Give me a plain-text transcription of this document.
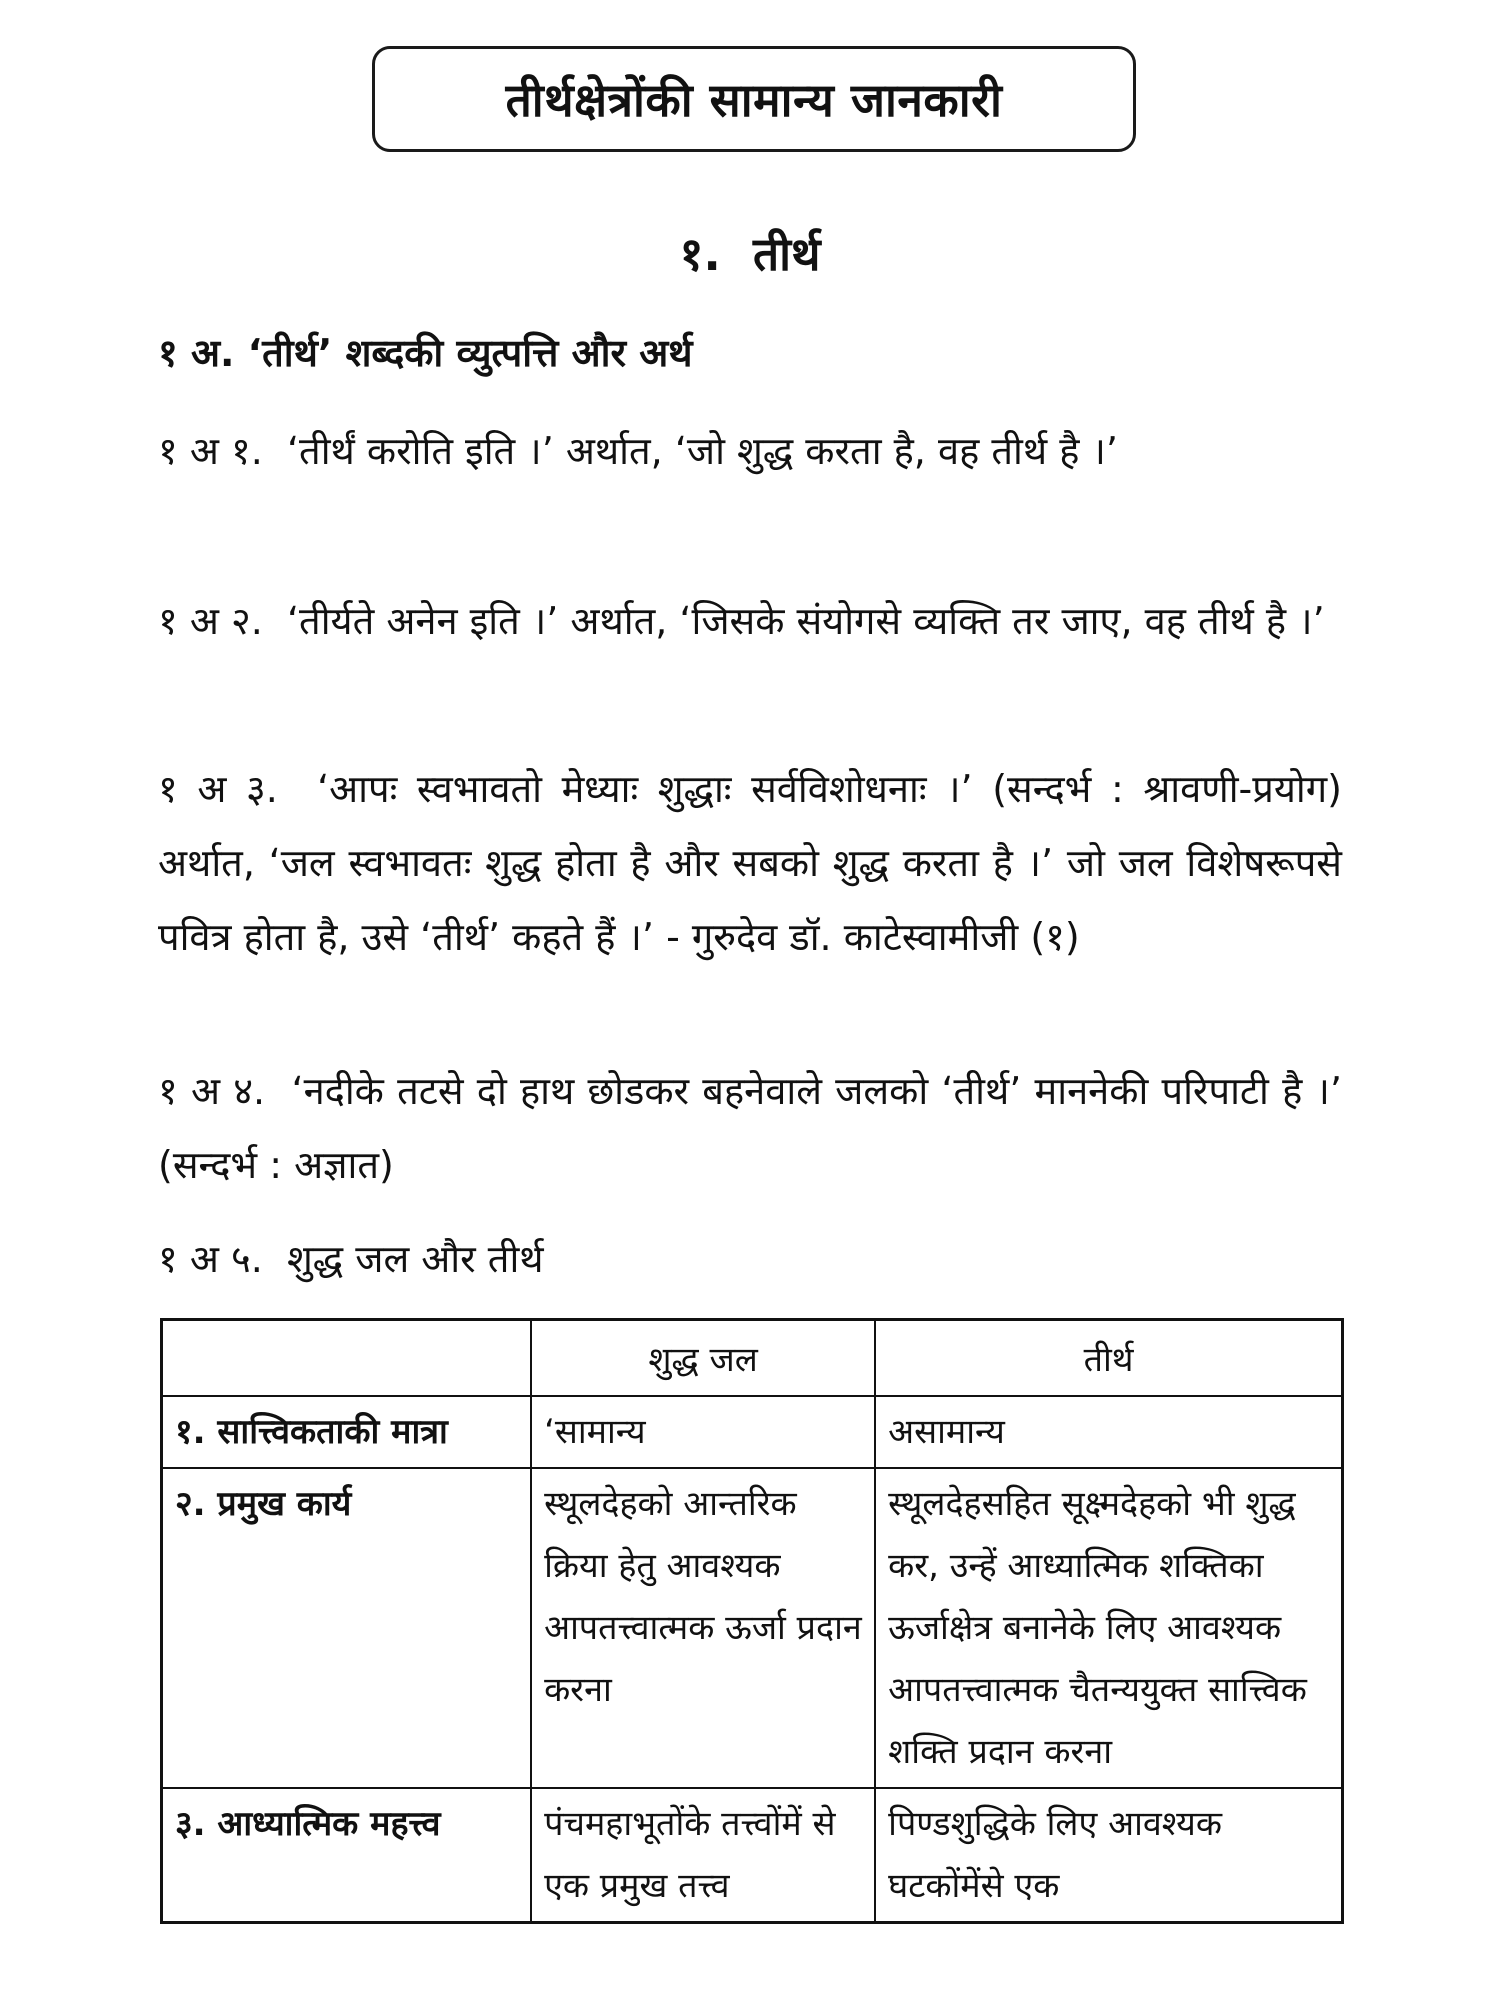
तीर्थक्षेत्रोंकी सामान्य जानकारी

१. तीर्थ

१ अ. ‘तीर्थ’ शब्दकी व्युत्पत्ति और अर्थ

१ अ १. ‘तीर्थं करोति इति ।’ अर्थात, ‘जो शुद्ध करता है, वह तीर्थ है ।’

१ अ २. ‘तीर्यते अनेन इति ।’ अर्थात, ‘जिसके संयोगसे व्यक्ति तर जाए, वह तीर्थ है ।’

१ अ ३. ‘आपः स्वभावतो मेध्याः शुद्धाः सर्वविशोधनाः ।’ (सन्दर्भ : श्रावणी-प्रयोग) अर्थात, ‘जल स्वभावतः शुद्ध होता है और सबको शुद्ध करता है ।’ जो जल विशेषरूपसे पवित्र होता है, उसे ‘तीर्थ’ कहते हैं ।’ - गुरुदेव डॉ. काटेस्वामीजी (१)

१ अ ४. ‘नदीके तटसे दो हाथ छोडकर बहनेवाले जलको ‘तीर्थ’ माननेकी परिपाटी है ।’ (सन्दर्भ : अज्ञात)

१ अ ५. शुद्ध जल और तीर्थ

	शुद्ध जल	तीर्थ
१. सात्त्विकताकी मात्रा	‘सामान्य	असामान्य
२. प्रमुख कार्य	स्थूलदेहको आन्तरिक क्रिया हेतु आवश्यक आपतत्त्वात्मक ऊर्जा प्रदान करना	स्थूलदेहसहित सूक्ष्मदेहको भी शुद्ध कर, उन्हें आध्यात्मिक शक्तिका ऊर्जाक्षेत्र बनानेके लिए आवश्यक आपतत्त्वात्मक चैतन्ययुक्त सात्त्विक शक्ति प्रदान करना
३. आध्यात्मिक महत्त्व	पंचमहाभूतोंके तत्त्वोंमें से एक प्रमुख तत्त्व	पिण्डशुद्धिके लिए आवश्यक घटकोंमेंसे एक
